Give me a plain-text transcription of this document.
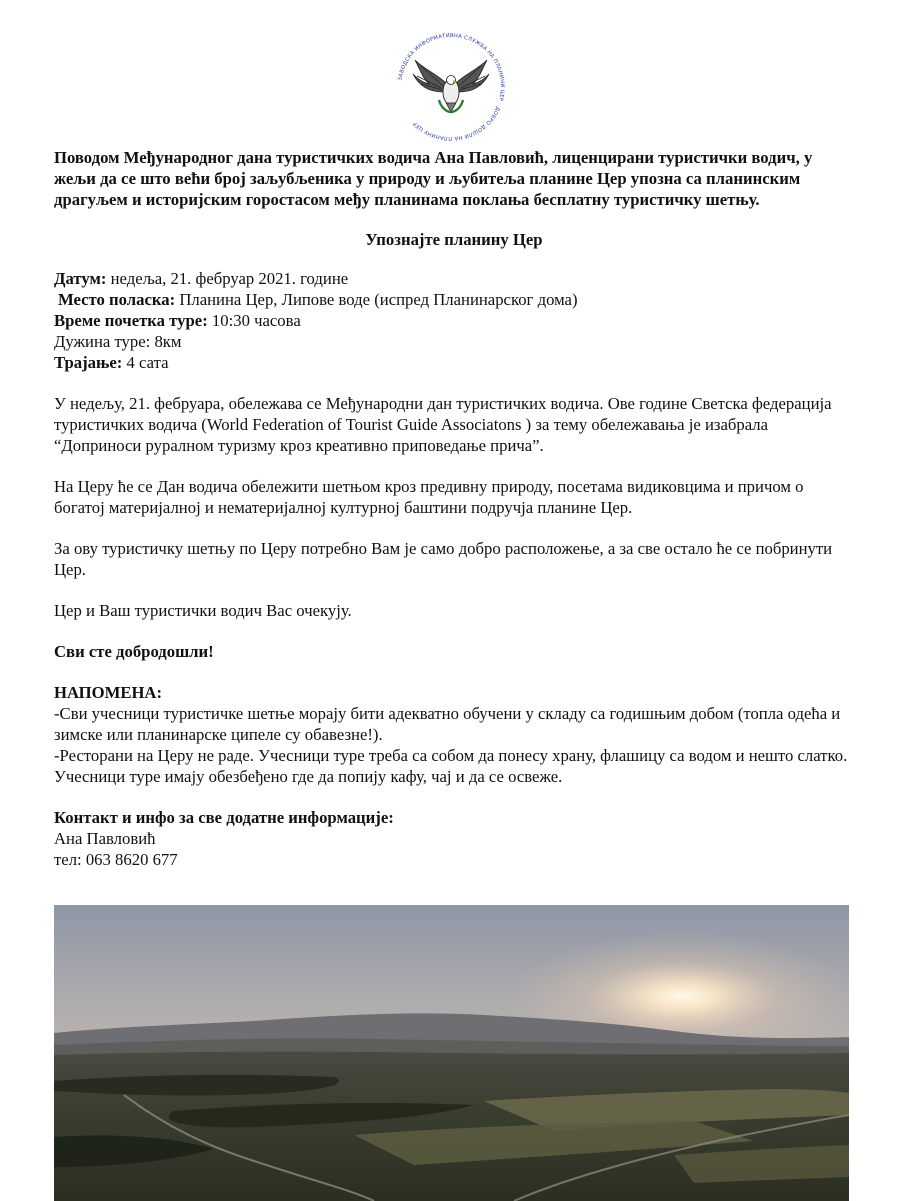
ЗАВОДСКА ИНФОРМАТИВНА СЛУЖБА НА ПЛАНИНИ ЦЕР · ДОБРО ДОШЛИ НА ПЛАНИНУ ЦЕР

Поводом Међународног дана туристичких водича Ана Павловић, лиценцирани туристички водич, у жељи да се што већи број заљубљеника у природу и љубитеља планине Цер упозна са планинским драгуљем и историјским горостасом међу планинама поклања бесплатну туристичку шетњу.

Упознајте планину Цер

Датум: недеља, 21. фебруар 2021. године
Место поласка: Планина Цер, Липове воде (испред Планинарског дома)
Време почетка туре: 10:30 часова
Дужина туре: 8км
Трајање: 4 сата

У недељу, 21. фебруара, обележава се Међународни дан туристичких водича. Ове године Светска федерација туристичких водича (World Federation of Tourist Guide Associatons ) за тему обележавања је изабрала “Доприноси руралном туризму кроз креативно приповедање прича”.

На Церу ће се Дан водича обележити шетњом кроз предивну природу, посетама видиковцима и причом о богатој материјалној и нематеријалној културној баштини подручја планине Цер.

За ову туристичку шетњу по Церу потребно Вам је само добро расположење, а за све остало ће се побринути Цер.

Цер и Ваш туристички водич Вас очекују.

Сви сте добродошли!

НАПОМЕНА:

-Сви учесници туристичке шетње морају бити адекватно обучени у складу са годишњим добом (топла одећа и зимске или планинарске ципеле су обавезне!).

-Ресторани на Церу не раде. Учесници туре треба са собом да понесу храну, флашицу са водом и нешто слатко. Учесници туре имају обезбеђено где да попију кафу, чај и да се освеже.

Контакт и инфо за све додатне информације:

Ана Павловић

тел: 063 8620 677
